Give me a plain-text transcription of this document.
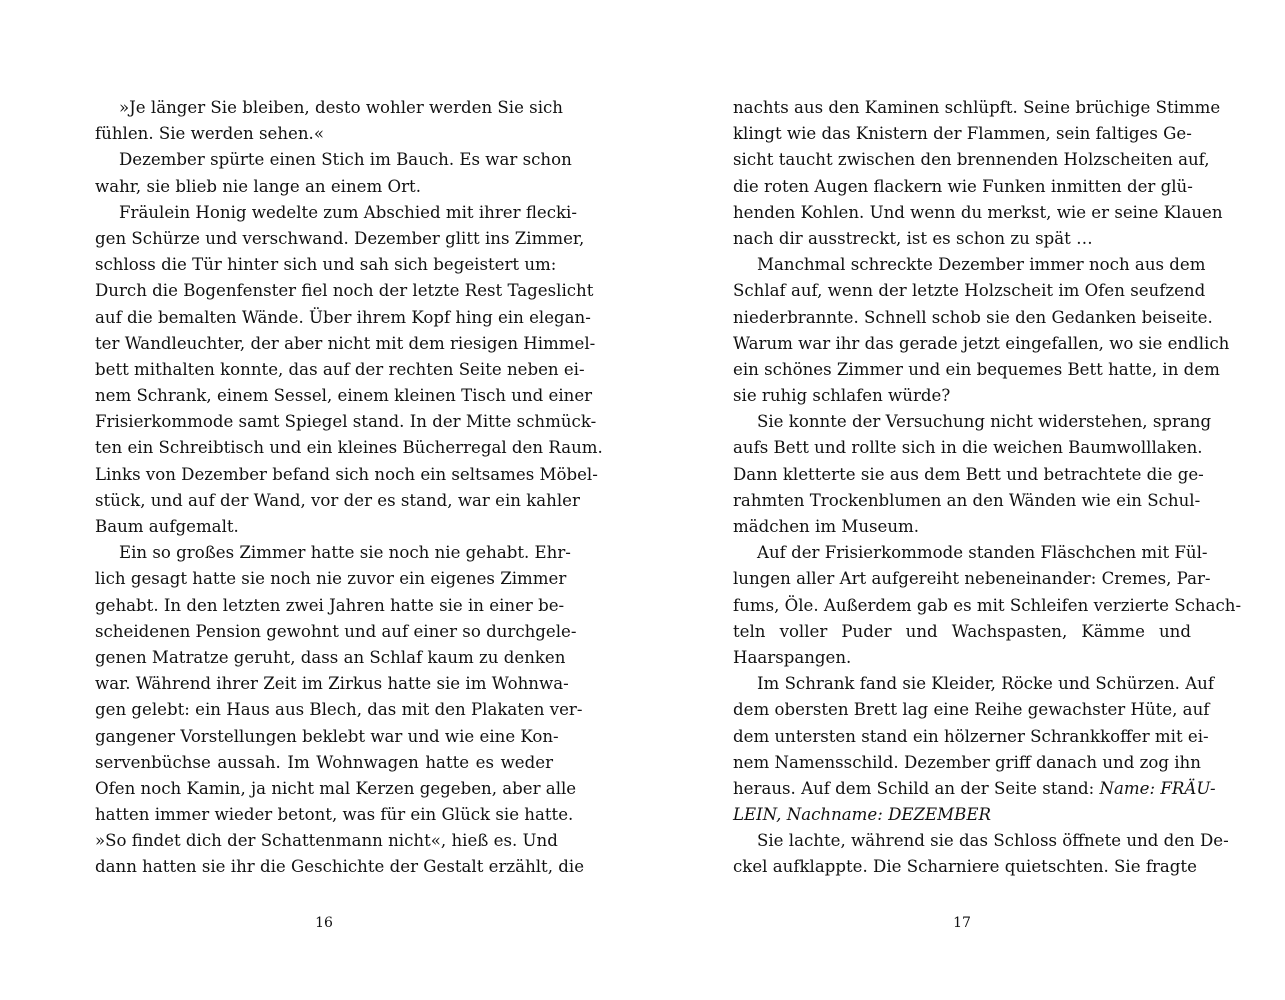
»Je länger Sie bleiben, desto wohler werden Sie sich
fühlen. Sie werden sehen.«
Dezember spürte einen Stich im Bauch. Es war schon
wahr, sie blieb nie lange an einem Ort.
Fräulein Honig wedelte zum Abschied mit ihrer flecki-
gen Schürze und verschwand. Dezember glitt ins Zimmer,
schloss die Tür hinter sich und sah sich begeistert um:
Durch die Bogenfenster fiel noch der letzte Rest Tageslicht
auf die bemalten Wände. Über ihrem Kopf hing ein elegan-
ter Wandleuchter, der aber nicht mit dem riesigen Himmel-
bett mithalten konnte, das auf der rechten Seite neben ei-
nem Schrank, einem Sessel, einem kleinen Tisch und einer
Frisierkommode samt Spiegel stand. In der Mitte schmück-
ten ein Schreibtisch und ein kleines Bücherregal den Raum.
Links von Dezember befand sich noch ein seltsames Möbel-
stück, und auf der Wand, vor der es stand, war ein kahler
Baum aufgemalt.
Ein so großes Zimmer hatte sie noch nie gehabt. Ehr-
lich gesagt hatte sie noch nie zuvor ein eigenes Zimmer
gehabt. In den letzten zwei Jahren hatte sie in einer be-
scheidenen Pension gewohnt und auf einer so durchgele-
genen Matratze geruht, dass an Schlaf kaum zu denken
war. Während ihrer Zeit im Zirkus hatte sie im Wohnwa-
gen gelebt: ein Haus aus Blech, das mit den Plakaten ver-
gangener Vorstellungen beklebt war und wie eine Kon-
servenbüchse aussah. Im Wohnwagen hatte es weder
Ofen noch Kamin, ja nicht mal Kerzen gegeben, aber alle
hatten immer wieder betont, was für ein Glück sie hatte.
»So findet dich der Schattenmann nicht«, hieß es. Und
dann hatten sie ihr die Geschichte der Gestalt erzählt, die
nachts aus den Kaminen schlüpft. Seine brüchige Stimme
klingt wie das Knistern der Flammen, sein faltiges Ge-
sicht taucht zwischen den brennenden Holzscheiten auf,
die roten Augen flackern wie Funken inmitten der glü-
henden Kohlen. Und wenn du merkst, wie er seine Klauen
nach dir ausstreckt, ist es schon zu spät …
Manchmal schreckte Dezember immer noch aus dem
Schlaf auf, wenn der letzte Holzscheit im Ofen seufzend
niederbrannte. Schnell schob sie den Gedanken beiseite.
Warum war ihr das gerade jetzt eingefallen, wo sie endlich
ein schönes Zimmer und ein bequemes Bett hatte, in dem
sie ruhig schlafen würde?
Sie konnte der Versuchung nicht widerstehen, sprang
aufs Bett und rollte sich in die weichen Baumwolllaken.
Dann kletterte sie aus dem Bett und betrachtete die ge-
rahmten Trockenblumen an den Wänden wie ein Schul-
mädchen im Museum.
Auf der Frisierkommode standen Fläschchen mit Fül-
lungen aller Art aufgereiht nebeneinander: Cremes, Par-
fums, Öle. Außerdem gab es mit Schleifen verzierte Schach-
teln voller Puder und Wachspasten, Kämme und
Haarspangen.
Im Schrank fand sie Kleider, Röcke und Schürzen. Auf
dem obersten Brett lag eine Reihe gewachster Hüte, auf
dem untersten stand ein hölzerner Schrankkoffer mit ei-
nem Namensschild. Dezember griff danach und zog ihn
heraus. Auf dem Schild an der Seite stand: Name: FRÄU-
LEIN, Nachname: DEZEMBER
Sie lachte, während sie das Schloss öffnete und den De-
ckel aufklappte. Die Scharniere quietschten. Sie fragte
16	17
